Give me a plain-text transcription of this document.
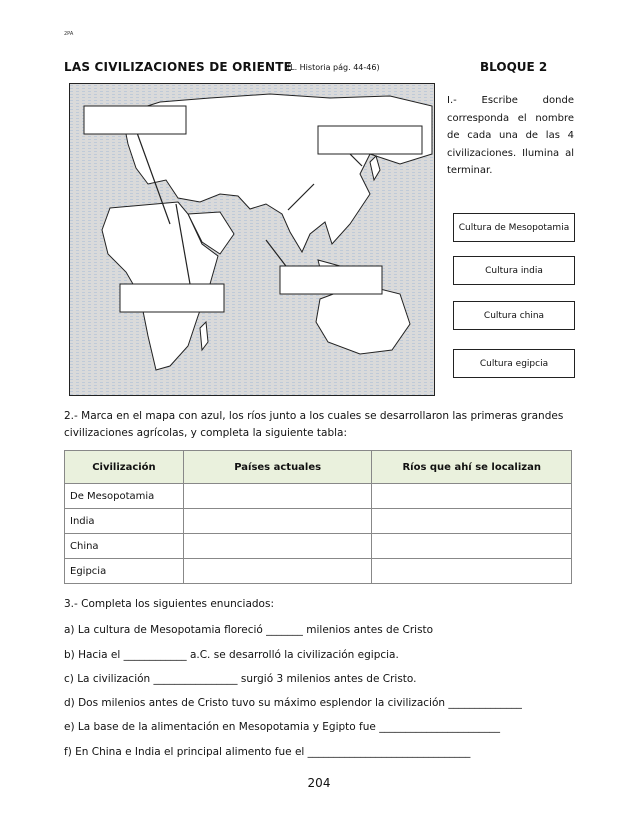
2PA
LAS CIVILIZACIONES DE ORIENTE
(L. Historia pág. 44-46)	BLOQUE 2
I.- Escribe donde corresponda el nombre de cada una de las 4 civilizaciones. Ilumina al terminar.
Cultura de Mesopotamia
Cultura india
Cultura china
Cultura egipcia
2.- Marca en el mapa con azul, los ríos junto a los cuales se desarrollaron las primeras grandes civilizaciones agrícolas, y completa la siguiente tabla:
Civilización	Países actuales	Ríos que ahí se localizan
De Mesopotamia		
India		
China		
Egipcia		
3.- Completa los siguientes enunciados:
a) La cultura de Mesopotamia floreció _______ milenios antes de Cristo
b) Hacia el ____________ a.C. se desarrolló la civilización egipcia.
c) La civilización ________________ surgió 3 milenios antes de Cristo.
d) Dos milenios antes de Cristo tuvo su máximo esplendor la civilización ______________
e) La base de la alimentación en Mesopotamia y Egipto fue _______________________
f) En China e India el principal alimento fue el _______________________________
204
